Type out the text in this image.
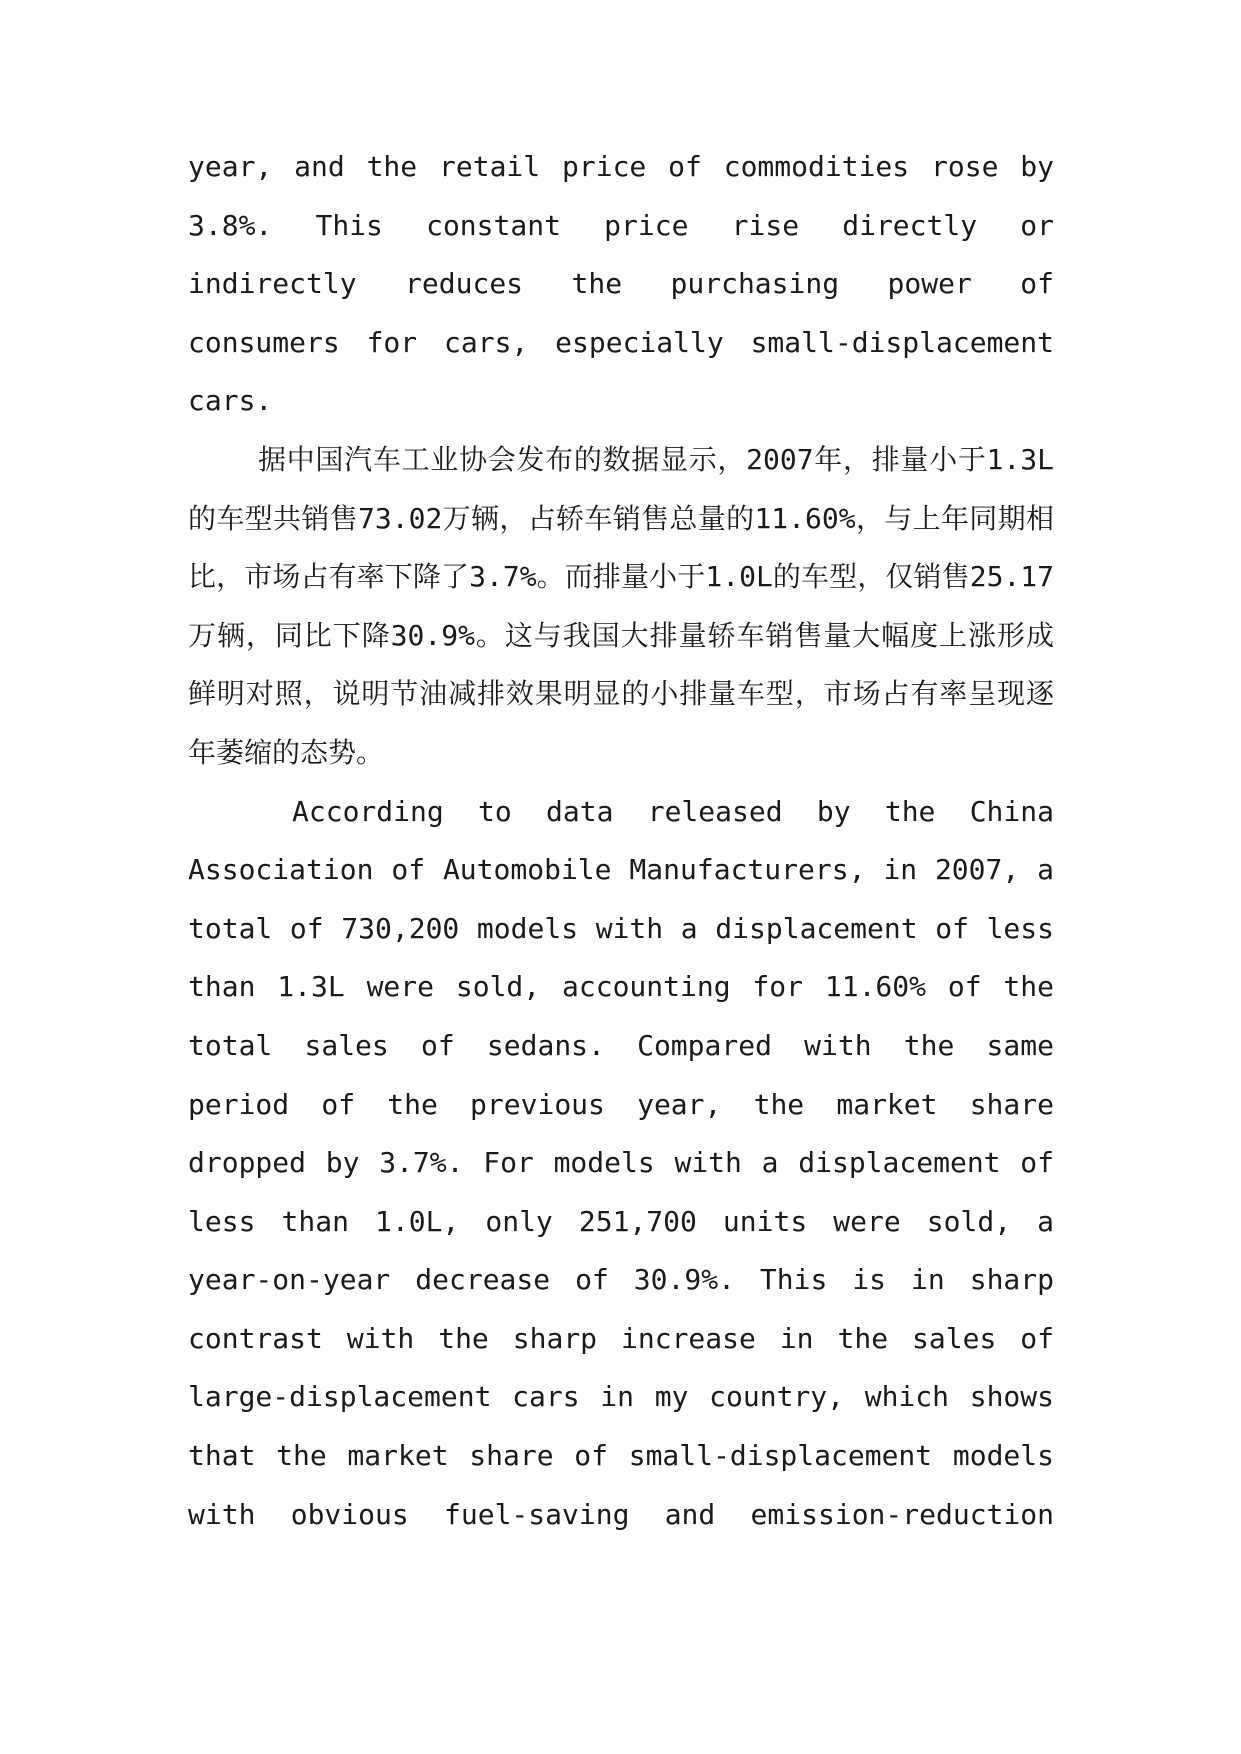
year, and the retail price of commodities rose by 3.8%. This constant price rise directly or indirectly reduces the purchasing power of consumers for cars, especially small-displacement cars.

据中国汽车工业协会发布的数据显示，2007年，排量小于1.3L的车型共销售73.02万辆，占轿车销售总量的11.60%，与上年同期相比，市场占有率下降了3.7%。而排量小于1.0L的车型，仅销售25.17万辆，同比下降30.9%。这与我国大排量轿车销售量大幅度上涨形成鲜明对照，说明节油减排效果明显的小排量车型，市场占有率呈现逐年萎缩的态势。

According to data released by the China Association of Automobile Manufacturers, in 2007, a total of 730,200 models with a displacement of less than 1.3L were sold, accounting for 11.60% of the total sales of sedans. Compared with the same period of the previous year, the market share dropped by 3.7%. For models with a displacement of less than 1.0L, only 251,700 units were sold, a year-on-year decrease of 30.9%. This is in sharp contrast with the sharp increase in the sales of large-displacement cars in my country, which shows that the market share of small-displacement models with obvious fuel-saving and emission-reduction
